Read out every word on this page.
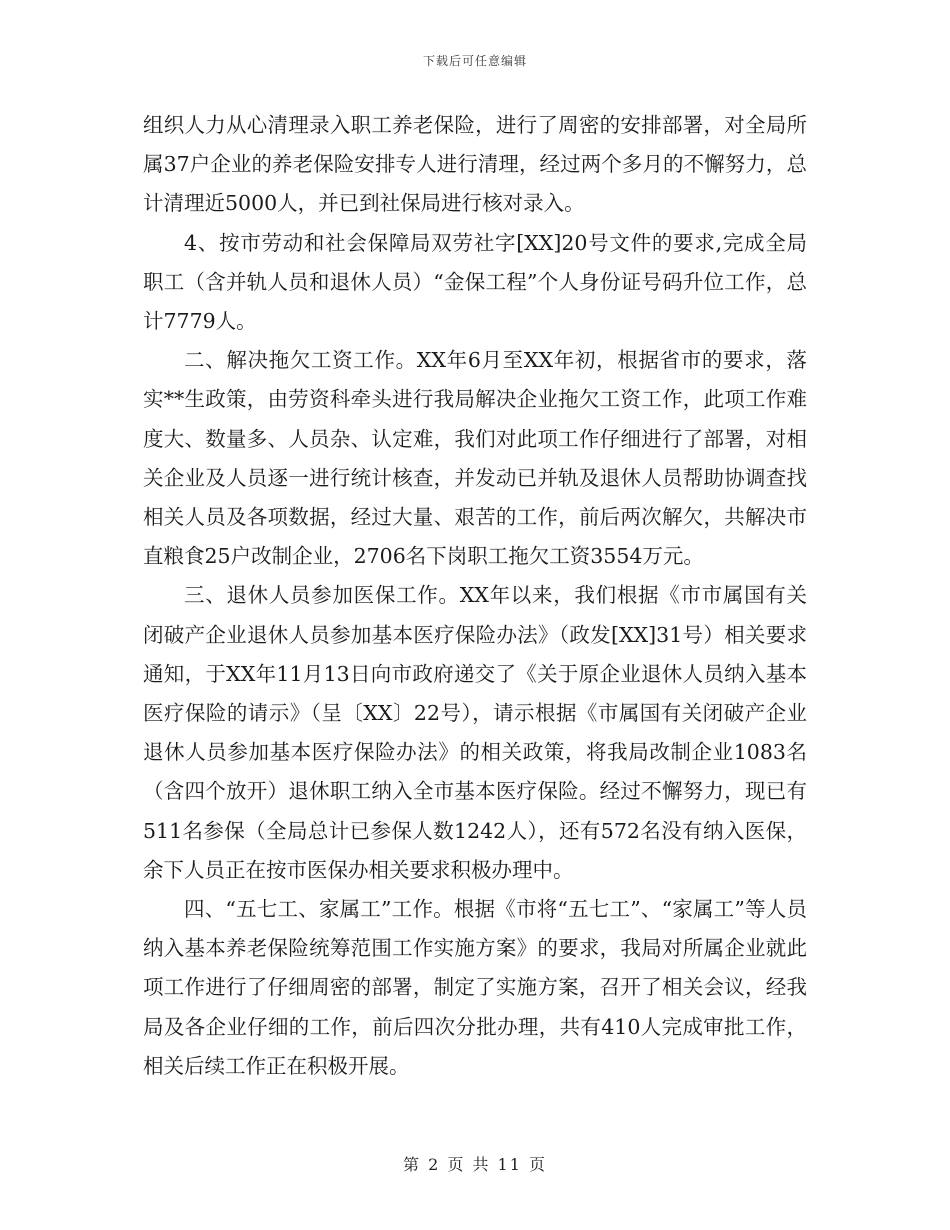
下载后可任意编辑

组织人力从心清理录入职工养老保险，进行了周密的安排部署，对全局所属37户企业的养老保险安排专人进行清理，经过两个多月的不懈努力，总计清理近5000人，并已到社保局进行核对录入。

4、按市劳动和社会保障局双劳社字[XX]20号文件的要求,完成全局职工（含并轨人员和退休人员）“金保工程”个人身份证号码升位工作，总计7779人。

二、解决拖欠工资工作。XX年6月至XX年初，根据省市的要求，落实**生政策，由劳资科牵头进行我局解决企业拖欠工资工作，此项工作难度大、数量多、人员杂、认定难，我们对此项工作仔细进行了部署，对相关企业及人员逐一进行统计核查，并发动已并轨及退休人员帮助协调查找相关人员及各项数据，经过大量、艰苦的工作，前后两次解欠，共解决市直粮食25户改制企业，2706名下岗职工拖欠工资3554万元。

三、退休人员参加医保工作。XX年以来，我们根据《市市属国有关闭破产企业退休人员参加基本医疗保险办法》（政发[XX]31号）相关要求通知，于XX年11月13日向市政府递交了《关于原企业退休人员纳入基本医疗保险的请示》（呈〔XX〕22号），请示根据《市属国有关闭破产企业退休人员参加基本医疗保险办法》的相关政策，将我局改制企业1083名（含四个放开）退休职工纳入全市基本医疗保险。经过不懈努力，现已有511名参保（全局总计已参保人数1242人），还有572名没有纳入医保，余下人员正在按市医保办相关要求积极办理中。

四、“五七工、家属工”工作。根据《市将“五七工”、“家属工”等人员纳入基本养老保险统筹范围工作实施方案》的要求，我局对所属企业就此项工作进行了仔细周密的部署，制定了实施方案，召开了相关会议，经我局及各企业仔细的工作，前后四次分批办理，共有410人完成审批工作，相关后续工作正在积极开展。

第 2 页 共 11 页
